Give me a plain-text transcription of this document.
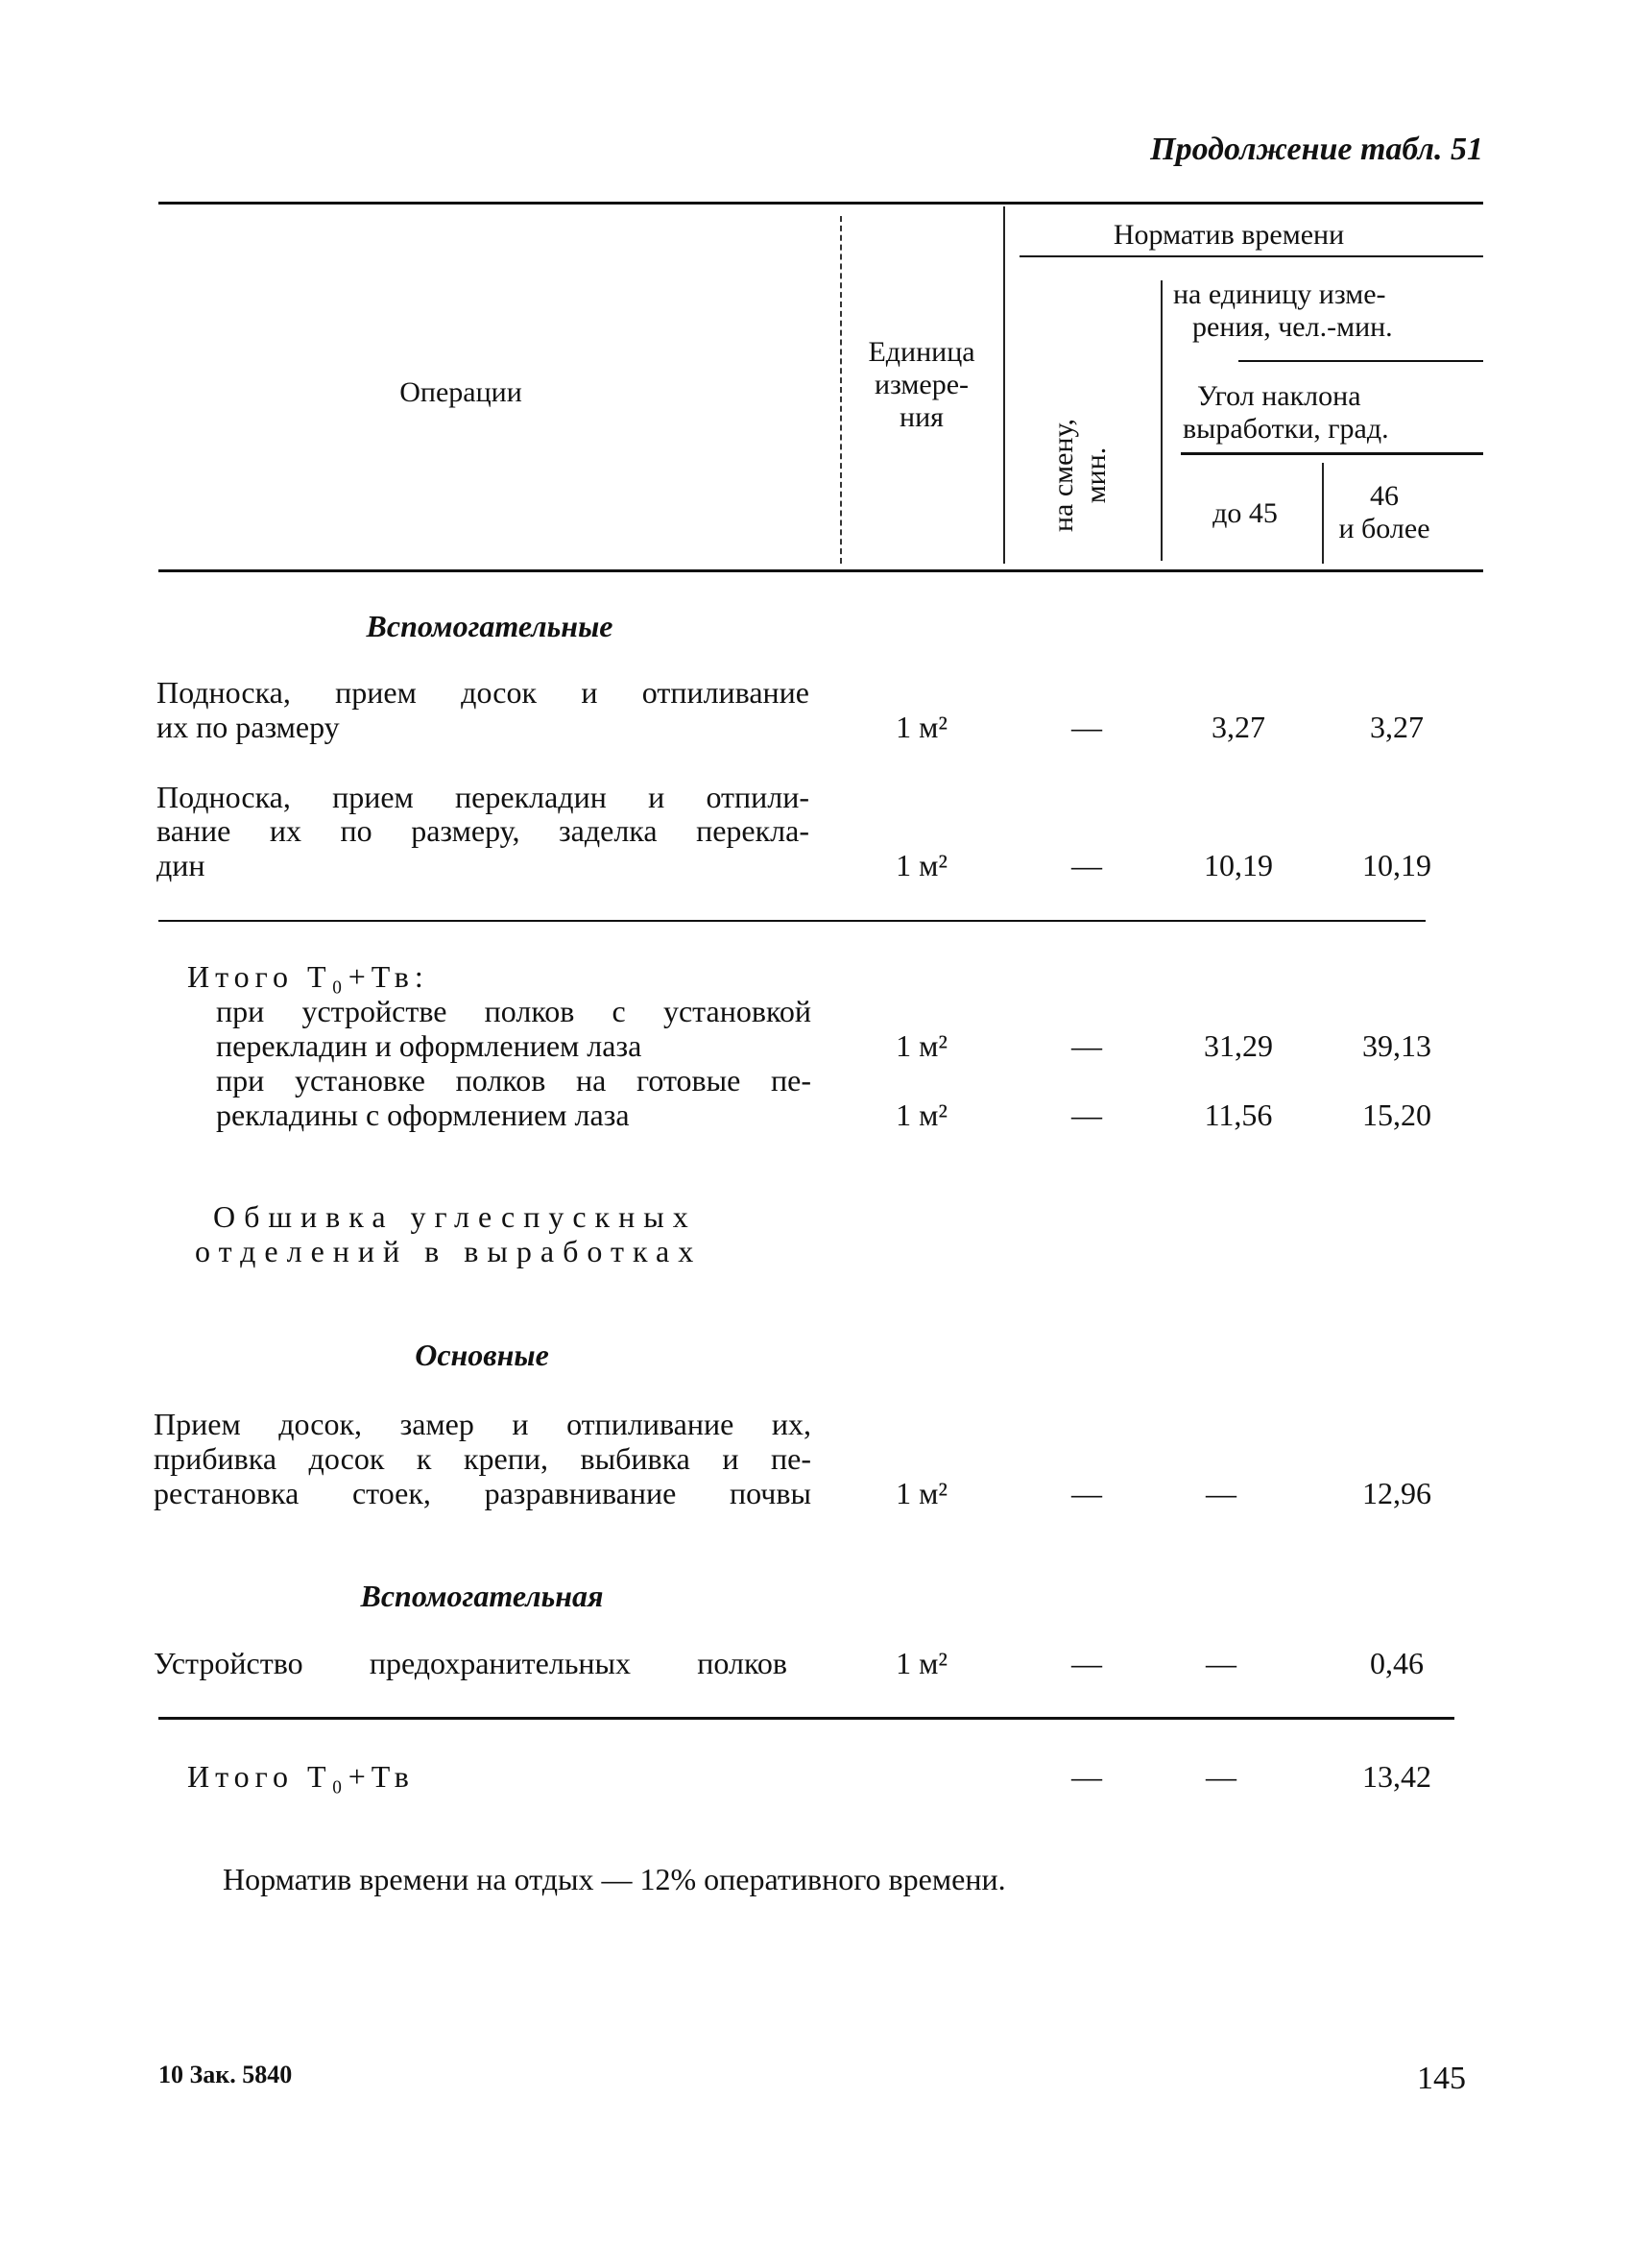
Продолжение табл. 51
Операции
Единица
измере-
ния
Норматив времени
на смену, мин.
на единицу изме-
рения, чел.-мин.
Угол наклона
выработки, град.
до 45
46
и более
Вспомогательные
Подноска, прием досок и отпиливание
их по размеру	1 м²	—	3,27	3,27
Подноска, прием перекладин и отпили-
вание их по размеру, заделка перекла-
дин	1 м²	—	10,19	10,19
Итого Т₀+Тв:
при устройстве полков с установкой
перекладин и оформлением лаза	1 м²	—	31,29	39,13
при установке полков на готовые пе-
рекладины с оформлением лаза	1 м²	—	11,56	15,20
Обшивка углеспускных
отделений в выработках
Основные
Прием досок, замер и отпиливание их,
прибивка досок к крепи, выбивка и пе-
рестановка стоек, разравнивание почвы	1 м²	—	—	12,96
Вспомогательная
Устройство предохранительных полков	1 м²	—	—	0,46
Итого Т₀+Тв	—	—	13,42
Норматив времени на отдых — 12% оперативного времени.
10 Зак. 5840	145
